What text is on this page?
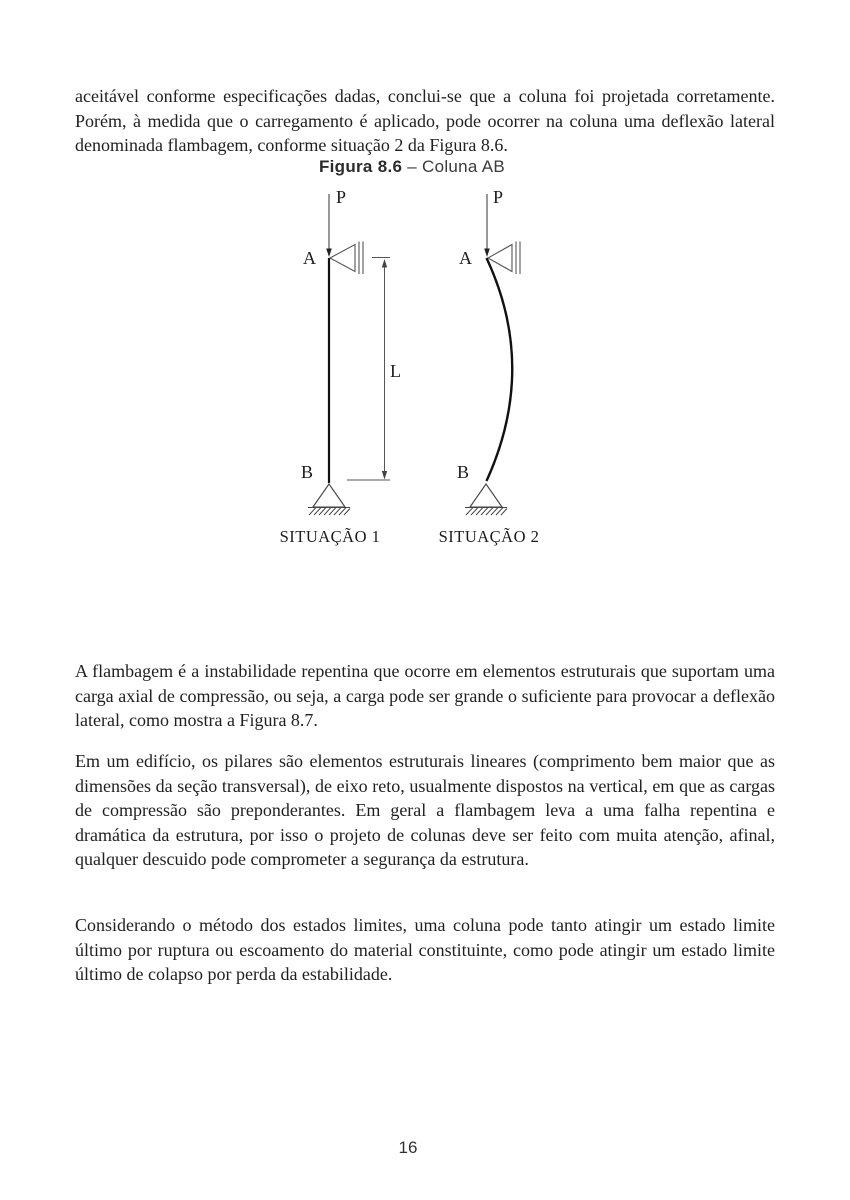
aceitável conforme especificações dadas, conclui-se que a coluna foi projetada corretamente. Porém, à medida que o carregamento é aplicado, pode ocorrer na coluna uma deflexão lateral denominada flambagem, conforme situação 2 da Figura 8.6.

Figura 8.6 – Coluna AB
P
A
B
L
SITUAÇÃO 1
P
A
B
SITUAÇÃO 2

A flambagem é a instabilidade repentina que ocorre em elementos estruturais que suportam uma carga axial de compressão, ou seja, a carga pode ser grande o suficiente para provocar a deflexão lateral, como mostra a Figura 8.7.

Em um edifício, os pilares são elementos estruturais lineares (comprimento bem maior que as dimensões da seção transversal), de eixo reto, usualmente dispostos na vertical, em que as cargas de compressão são preponderantes. Em geral a flambagem leva a uma falha repentina e dramática da estrutura, por isso o projeto de colunas deve ser feito com muita atenção, afinal, qualquer descuido pode comprometer a segurança da estrutura.

Considerando o método dos estados limites, uma coluna pode tanto atingir um estado limite último por ruptura ou escoamento do material constituinte, como pode atingir um estado limite último de colapso por perda da estabilidade.

16
